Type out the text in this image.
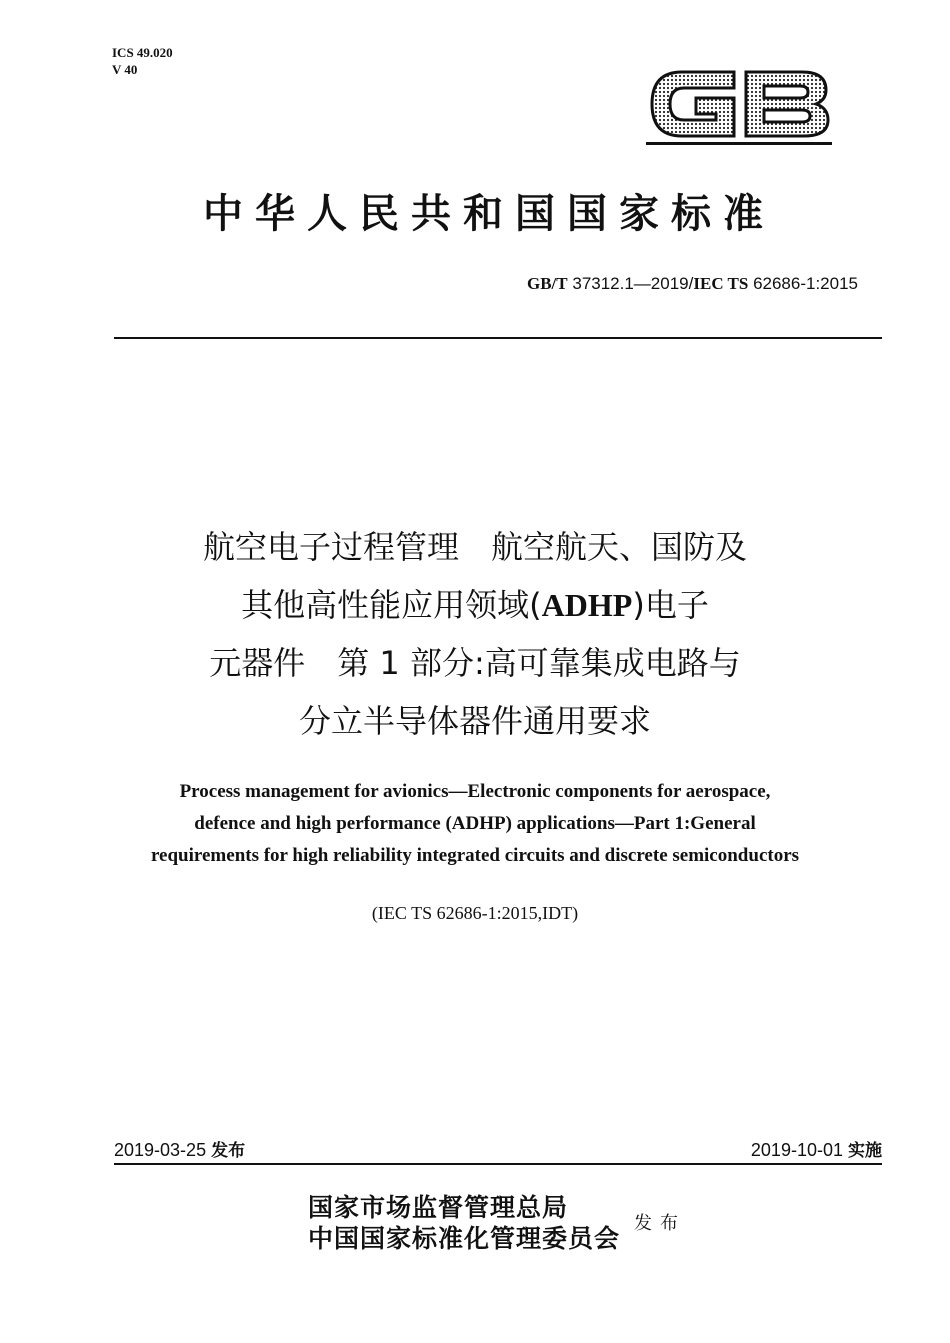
ICS 49.020
V 40
中华人民共和国国家标准
GB/T 37312.1—2019/IEC TS 62686-1:2015
航空电子过程管理　航空航天、国防及
其他高性能应用领域(ADHP)电子
元器件　第 1 部分:高可靠集成电路与
分立半导体器件通用要求
Process management for avionics—Electronic components for aerospace,
defence and high performance (ADHP) applications—Part 1:General
requirements for high reliability integrated circuits and discrete semiconductors
(IEC TS 62686-1:2015,IDT)
2019-03-25 发布	2019-10-01 实施
国家市场监督管理总局
中国国家标准化管理委员会
发布
